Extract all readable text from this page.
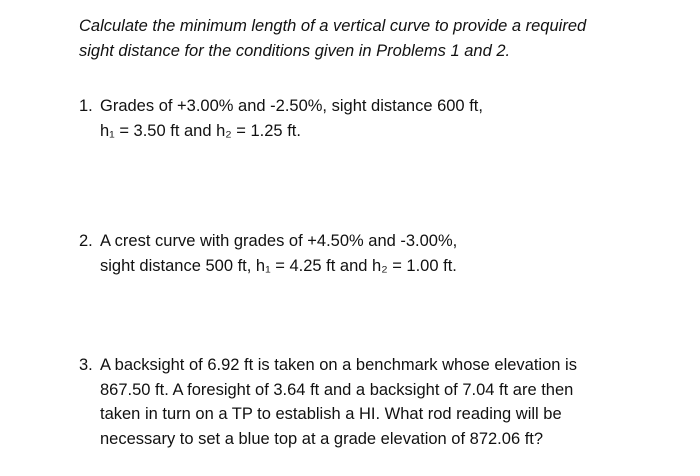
Calculate the minimum length of a vertical curve to provide a required
sight distance for the conditions given in Problems 1 and 2.
1. Grades of +3.00% and -2.50%, sight distance 600 ft,
h₁ = 3.50 ft and h₂ = 1.25 ft.
2. A crest curve with grades of +4.50% and -3.00%,
sight distance 500 ft, h₁ = 4.25 ft and h₂ = 1.00 ft.
3. A backsight of 6.92 ft is taken on a benchmark whose elevation is
867.50 ft. A foresight of 3.64 ft and a backsight of 7.04 ft are then
taken in turn on a TP to establish a HI. What rod reading will be
necessary to set a blue top at a grade elevation of 872.06 ft?
